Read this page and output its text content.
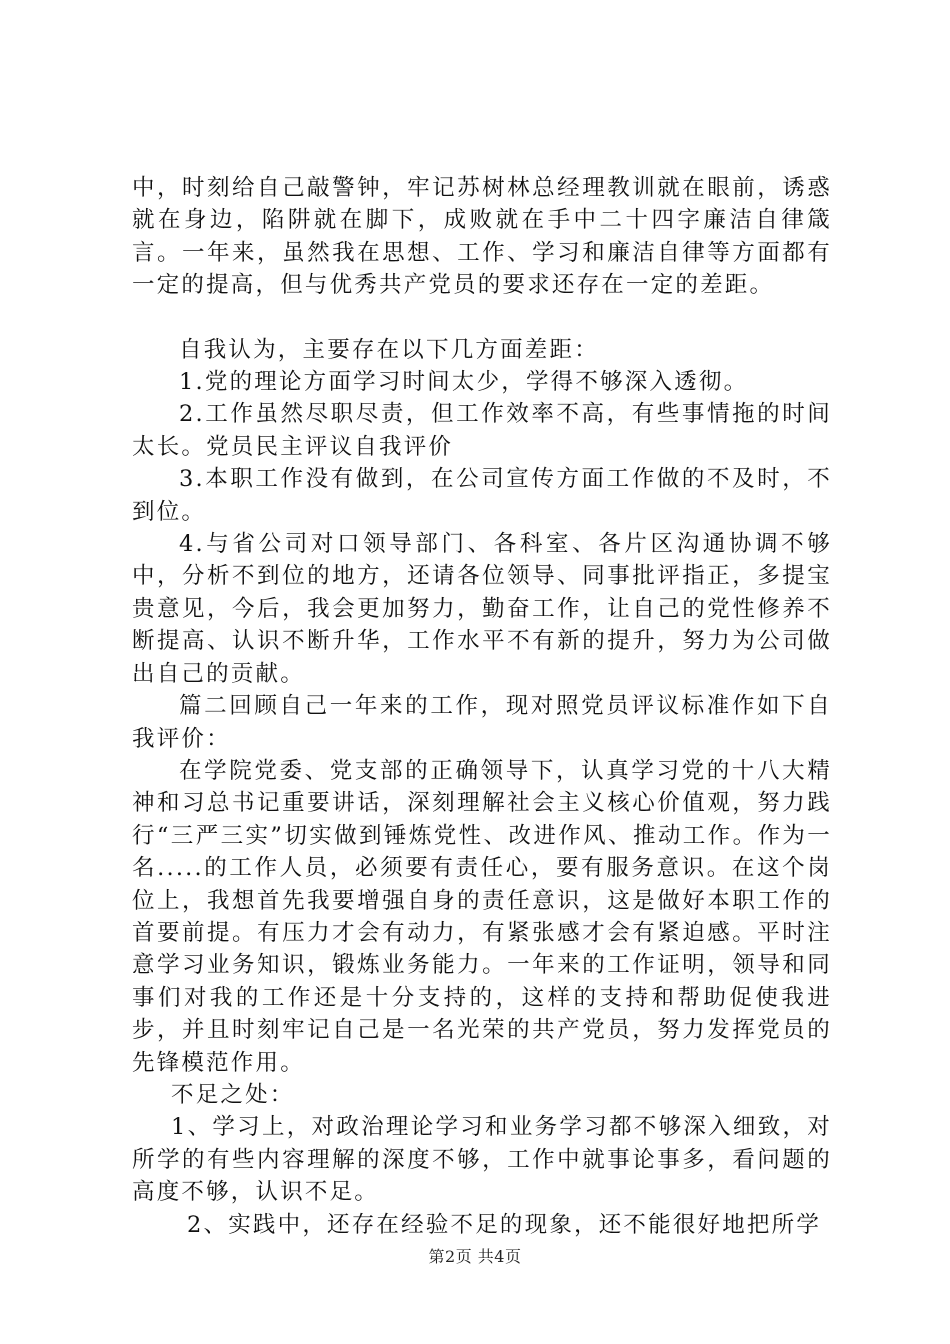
中，时刻给自己敲警钟，牢记苏树林总经理教训就在眼前，诱惑就在身边，陷阱就在脚下，成败就在手中二十四字廉洁自律箴言。一年来，虽然我在思想、工作、学习和廉洁自律等方面都有一定的提高，但与优秀共产党员的要求还存在一定的差距。

自我认为，主要存在以下几方面差距：

1.党的理论方面学习时间太少，学得不够深入透彻。

2.工作虽然尽职尽责，但工作效率不高，有些事情拖的时间太长。党员民主评议自我评价

3.本职工作没有做到，在公司宣传方面工作做的不及时，不到位。

4.与省公司对口领导部门、各科室、各片区沟通协调不够中，分析不到位的地方，还请各位领导、同事批评指正，多提宝贵意见，今后，我会更加努力，勤奋工作，让自己的党性修养不断提高、认识不断升华，工作水平不有新的提升，努力为公司做出自己的贡献。

篇二回顾自己一年来的工作，现对照党员评议标准作如下自我评价：

在学院党委、党支部的正确领导下，认真学习党的十八大精神和习总书记重要讲话，深刻理解社会主义核心价值观，努力践行“三严三实”切实做到锤炼党性、改进作风、推动工作。作为一名.....的工作人员，必须要有责任心，要有服务意识。在这个岗位上，我想首先我要增强自身的责任意识，这是做好本职工作的首要前提。有压力才会有动力，有紧张感才会有紧迫感。平时注意学习业务知识，锻炼业务能力。一年来的工作证明，领导和同事们对我的工作还是十分支持的，这样的支持和帮助促使我进步，并且时刻牢记自己是一名光荣的共产党员，努力发挥党员的先锋模范作用。

不足之处：

1、学习上，对政治理论学习和业务学习都不够深入细致，对所学的有些内容理解的深度不够，工作中就事论事多，看问题的高度不够，认识不足。

2、实践中，还存在经验不足的现象，还不能很好地把所学

第2页 共4页
